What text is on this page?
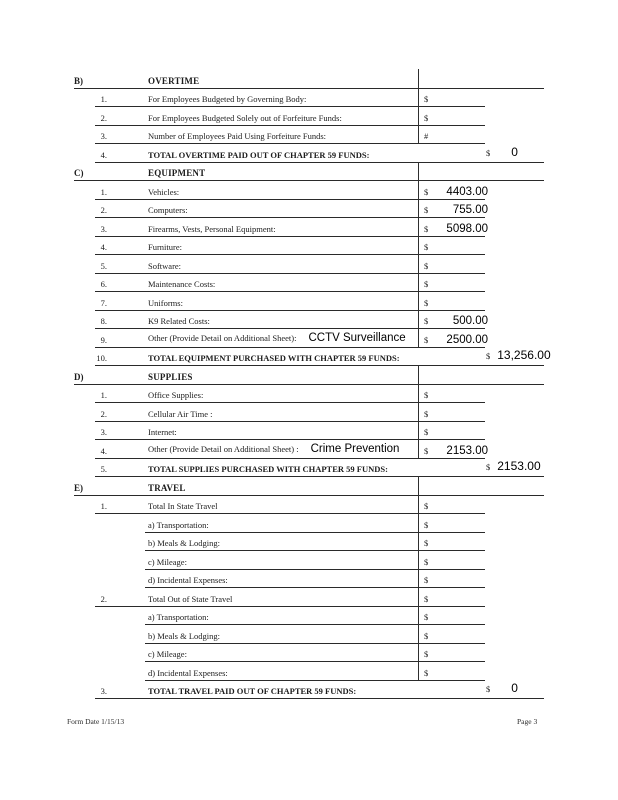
B)	OVERTIME
1.	For Employees Budgeted by Governing Body:	$
2.	For Employees Budgeted Solely out of Forfeiture Funds:	$
3.	Number of Employees Paid Using Forfeiture Funds:	#
4.	TOTAL OVERTIME PAID OUT OF CHAPTER 59 FUNDS:	$ 0
C)	EQUIPMENT
1.	Vehicles:	$	4403.00
2.	Computers:	$	755.00
3.	Firearms, Vests, Personal Equipment:	$	5098.00
4.	Furniture:	$
5.	Software:	$
6.	Maintenance Costs:	$
7.	Uniforms:	$
8.	K9 Related Costs:	$	500.00
9.	Other (Provide Detail on Additional Sheet): CCTV Surveillance $	2500.00
10.	TOTAL EQUIPMENT PURCHASED WITH CHAPTER 59 FUNDS:	$ 13,256.00
D)	SUPPLIES
1.	Office Supplies:	$
2.	Cellular Air Time :	$
3.	Internet:	$
4.	Other (Provide Detail on Additional Sheet) : Crime Prevention	$	2153.00
5.	TOTAL SUPPLIES PURCHASED WITH CHAPTER 59 FUNDS:	$ 2153.00
E)	TRAVEL
1.	Total In State Travel	$
a) Transportation:	$
b) Meals & Lodging:	$
c) Mileage:	$
d) Incidental Expenses:	$
2.	Total Out of State Travel	$
a) Transportation:	$
b) Meals & Lodging:	$
c) Mileage:	$
d) Incidental Expenses:	$
3.	TOTAL TRAVEL PAID OUT OF CHAPTER 59 FUNDS:	$ 0
Form Date 1/15/13	Page 3
